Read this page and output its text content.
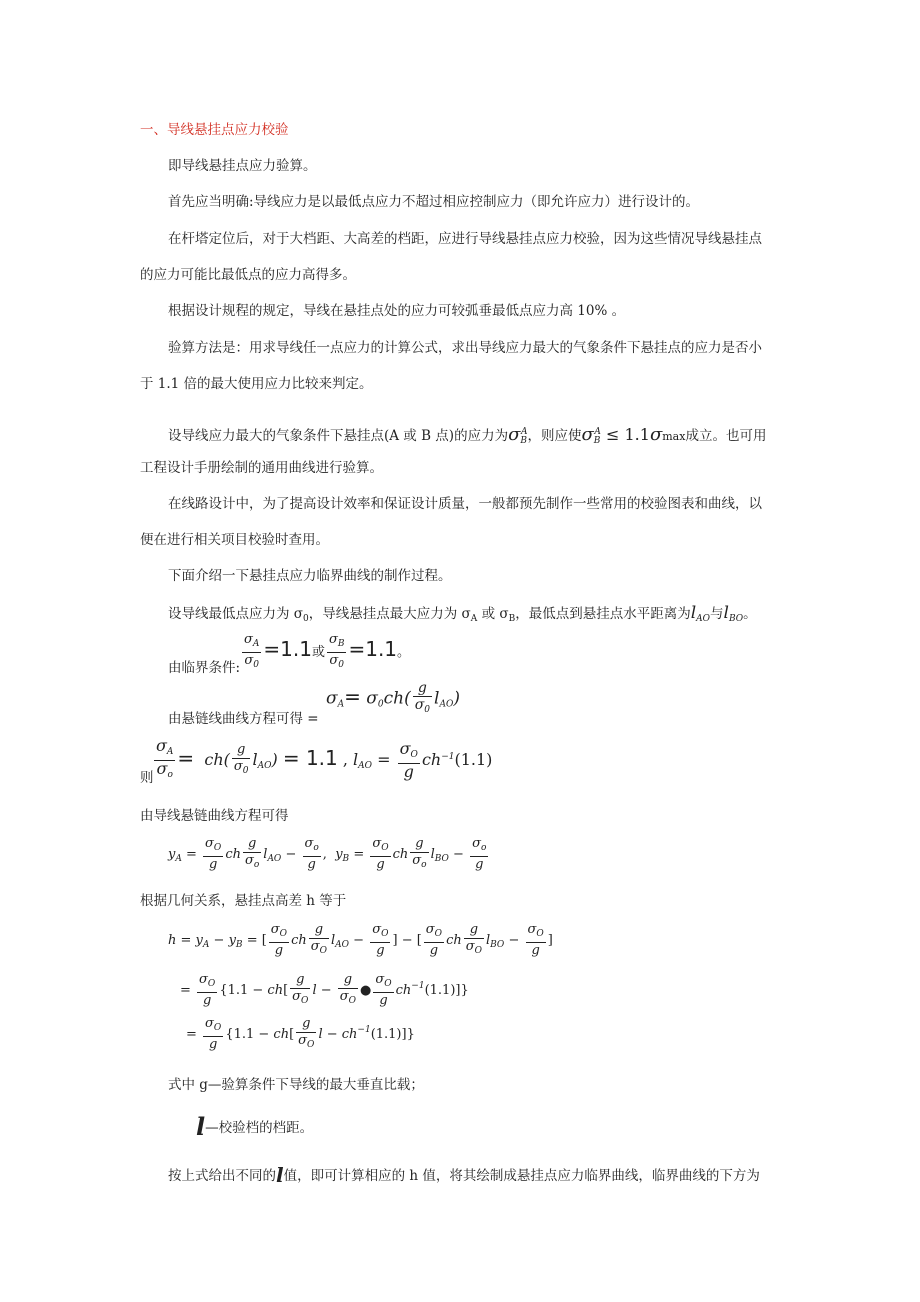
一、导线悬挂点应力校验
即导线悬挂点应力验算。
首先应当明确:导线应力是以最低点应力不超过相应控制应力（即允许应力）进行设计的。
在杆塔定位后，对于大档距、大高差的档距，应进行导线悬挂点应力校验，因为这些情况导线悬挂点
的应力可能比最低点的应力高得多。
根据设计规程的规定，导线在悬挂点处的应力可较弧垂最低点应力高 10% 。
验算方法是：用求导线任一点应力的计算公式，求出导线应力最大的气象条件下悬挂点的应力是否小
于 1.1 倍的最大使用应力比较来判定。
设导线应力最大的气象条件下悬挂点(A 或 B 点)的应力为$\sigma_B^A$，则应使$\sigma_B^A \le 1.1\sigma\max$成立。也可用
工程设计手册绘制的通用曲线进行验算。
在线路设计中，为了提高设计效率和保证设计质量，一般都预先制作一些常用的校验图表和曲线，以
便在进行相关项目校验时查用。
下面介绍一下悬挂点应力临界曲线的制作过程。
设导线最低点应力为 $\sigma_0$，导线悬挂点最大应力为 $\sigma_A$ 或 $\sigma_B$，最低点到悬挂点水平距离为$l_{AO}$与$l_{BO}$。
由临界条件: $\frac{\sigma_A}{\sigma_0} =1.1$或 $\frac{\sigma_B}{\sigma_0} =1.1$。
由悬链线曲线方程可得 =
$\sigma_A= \sigma_0ch( \frac{g}{\sigma_0} l_{AO})$
则 $\frac{\sigma_A}{\sigma_o} = ch( \frac{g}{\sigma_0} l_{AO}) = 1.1$ , $l_{AO} = \frac{\sigma_O}{g} ch^{-1}(1.1)$
由导线悬链曲线方程可得
$y_A = \frac{\sigma_O}{g}$ ch $\frac{g}{\sigma_o} l_{AO} - \frac{\sigma_o}{g}$ ,  $y_B = \frac{\sigma_O}{g}$ ch $\frac{g}{\sigma_o} l_{BO} - \frac{\sigma_o}{g}$
根据几何关系，悬挂点高差 h 等于
$h = y_A - y_B$ = [ $\frac{\sigma_O}{g}$ ch $\frac{g}{\sigma_O} l_{AO} - \frac{\sigma_O}{g}$ ] − [ $\frac{\sigma_O}{g}$ ch $\frac{g}{\sigma_O} l_{BO} - \frac{\sigma_O}{g}$ ]
= $\frac{\sigma_O}{g} \{1.1 - ch[ \frac{g}{\sigma_O}$ $l - \frac{g}{\sigma_O}$ ● $\frac{\sigma_O}{g} ch^{-1}(1.1)$]}
= $\frac{\sigma_O}{g} \{1.1 - ch[ \frac{g}{\sigma_O}$ $l - ch^{-1}(1.1)$]}
式中 g—验算条件下导线的最大垂直比载；
l—校验档的档距。
按上式给出不同的l值，即可计算相应的 h 值，将其绘制成悬挂点应力临界曲线，临界曲线的下方为
